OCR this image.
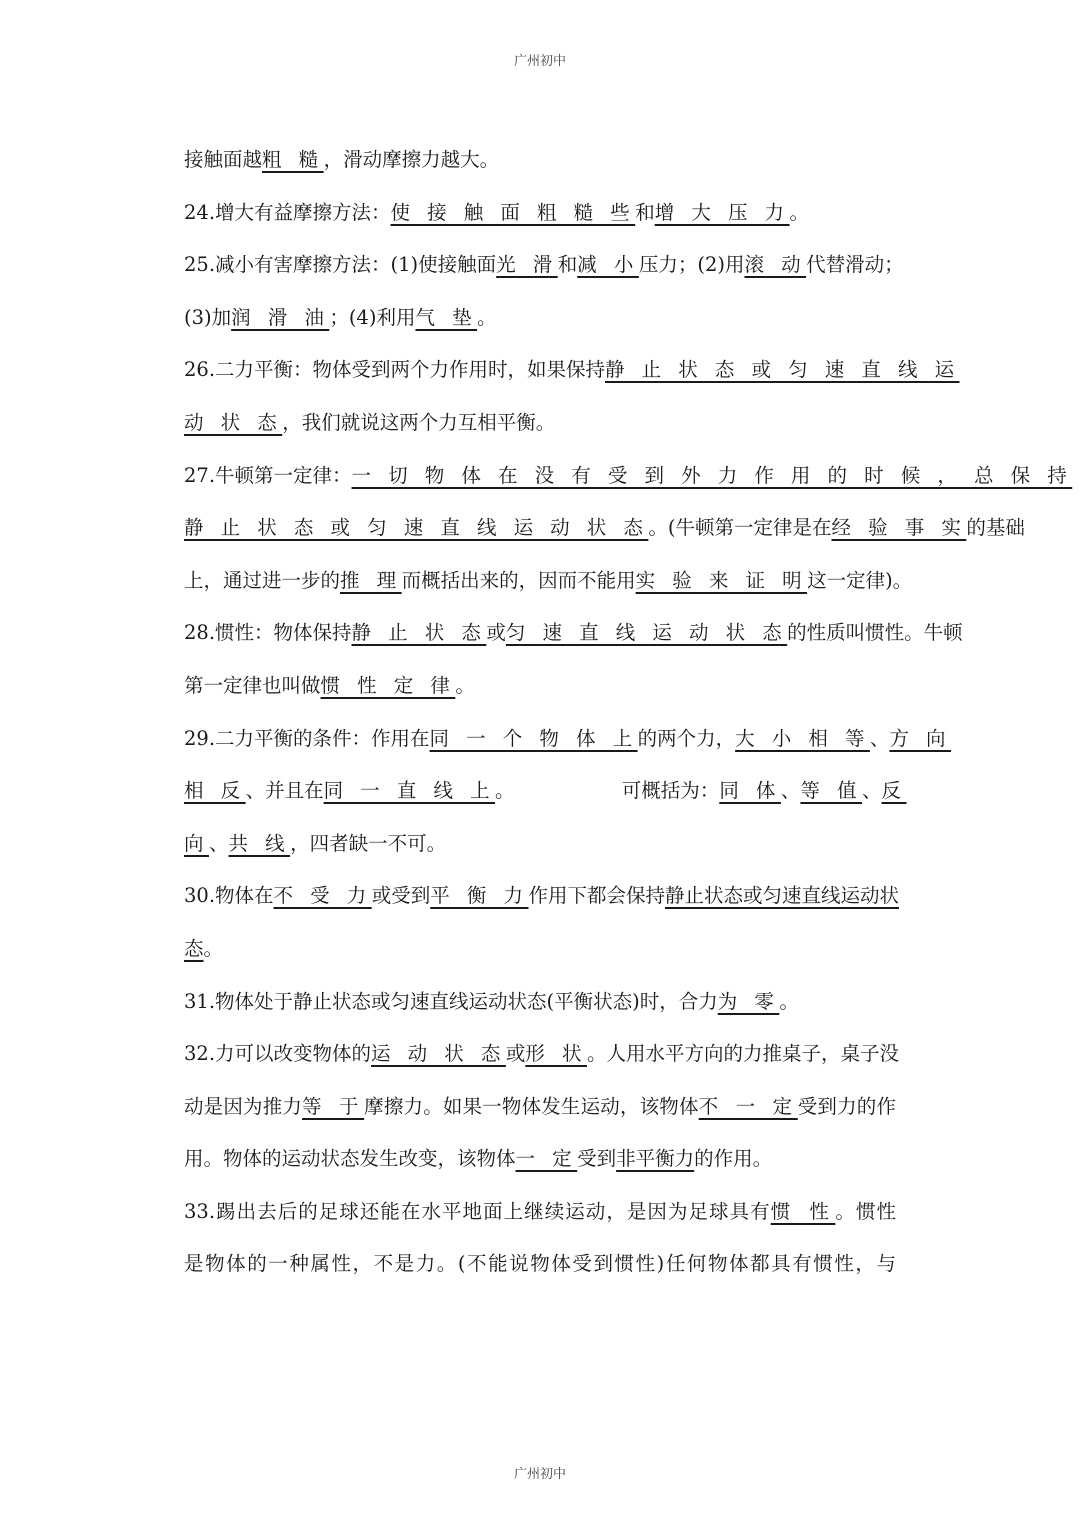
广州初中
接触面越粗 糙，滑动摩擦力越大。
24.增大有益摩擦方法：使 接 触 面 粗 糙 些和增 大 压 力。
25.减小有害摩擦方法：(1)使接触面光 滑和减 小压力；(2)用滚 动代替滑动；
(3)加润 滑 油；(4)利用气 垫。
26.二力平衡：物体受到两个力作用时，如果保持静 止 状 态 或 匀 速 直 线 运
动 状 态，我们就说这两个力互相平衡。
27.牛顿第一定律：一 切 物 体 在 没 有 受 到 外 力 作 用 的 时 候 ， 总 保 持
静 止 状 态 或 匀 速 直 线 运 动 状 态。(牛顿第一定律是在经 验 事 实的基础
上，通过进一步的推 理而概括出来的，因而不能用实 验 来 证 明这一定律)。
28.惯性：物体保持静 止 状 态或匀 速 直 线 运 动 状 态的性质叫惯性。牛顿
第一定律也叫做惯 性 定 律。
29.二力平衡的条件：作用在同 一 个 物 体 上的两个力，大 小 相 等、方 向
相 反、并且在同 一 直 线 上。　　　　　　可概括为：同 体、等 值、反
向、共 线，四者缺一不可。
30.物体在不 受 力或受到平 衡 力作用下都会保持静止状态或匀速直线运动状
态。
31.物体处于静止状态或匀速直线运动状态(平衡状态)时，合力为 零。
32.力可以改变物体的运 动 状 态或形 状。人用水平方向的力推桌子，桌子没
动是因为推力等 于摩擦力。如果一物体发生运动，该物体不 一 定受到力的作
用。物体的运动状态发生改变，该物体一 定受到非平衡力的作用。
33.踢出去后的足球还能在水平地面上继续运动，是因为足球具有惯 性。惯性
是物体的一种属性，不是力。(不能说物体受到惯性)任何物体都具有惯性，与
广州初中
